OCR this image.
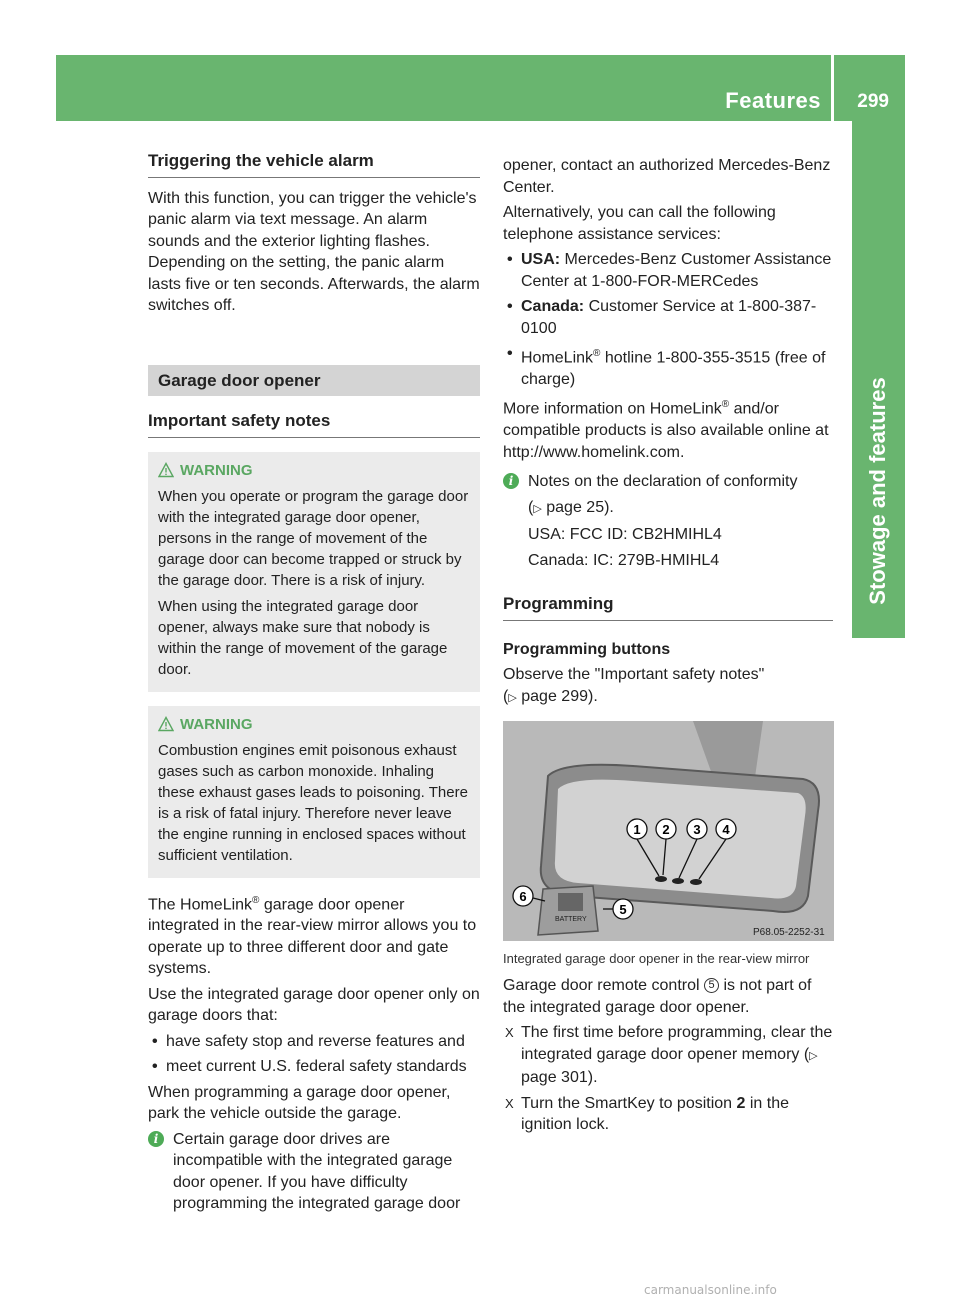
Features 299
Stowage and features
Triggering the vehicle alarm

With this function, you can trigger the vehicle's panic alarm via text message. An alarm sounds and the exterior lighting flashes. Depending on the setting, the panic alarm lasts five or ten seconds. Afterwards, the alarm switches off.

Garage door opener
Important safety notes
WARNING

When you operate or program the garage door with the integrated garage door opener, persons in the range of movement of the garage door can become trapped or struck by the garage door. There is a risk of injury.

When using the integrated garage door opener, always make sure that nobody is within the range of movement of the garage door.

WARNING

Combustion engines emit poisonous exhaust gases such as carbon monoxide. Inhaling these exhaust gases leads to poisoning. There is a risk of fatal injury. Therefore never leave the engine running in enclosed spaces without sufficient ventilation.

The HomeLink® garage door opener integrated in the rear-view mirror allows you to operate up to three different door and gate systems.

Use the integrated garage door opener only on garage doors that:

• have safety stop and reverse features and
• meet current U.S. federal safety standards

When programming a garage door opener, park the vehicle outside the garage.

i Certain garage door drives are incompatible with the integrated garage door opener. If you have difficulty programming the integrated garage door

opener, contact an authorized Mercedes-Benz Center.

Alternatively, you can call the following telephone assistance services:

• USA: Mercedes-Benz Customer Assistance Center at 1-800-FOR-MERCedes
• Canada: Customer Service at 1-800-387-0100
• HomeLink® hotline 1-800-355-3515 (free of charge)

More information on HomeLink® and/or compatible products is also available online at http://www.homelink.com.

i Notes on the declaration of conformity

(▷ page 25).

USA: FCC ID: CB2HMIHL4

Canada: IC: 279B-HMIHL4

Programming

Programming buttons

Observe the "Important safety notes"

(▷ page 299).

1 2 3 4
5
6
BATTERY
P68.05-2252-31

Integrated garage door opener in the rear-view mirror

Garage door remote control 5 is not part of the integrated garage door opener.

X The first time before programming, clear the integrated garage door opener memory (▷ page 301).
X Turn the SmartKey to position 2 in the ignition lock.
carmanualsonline.info
